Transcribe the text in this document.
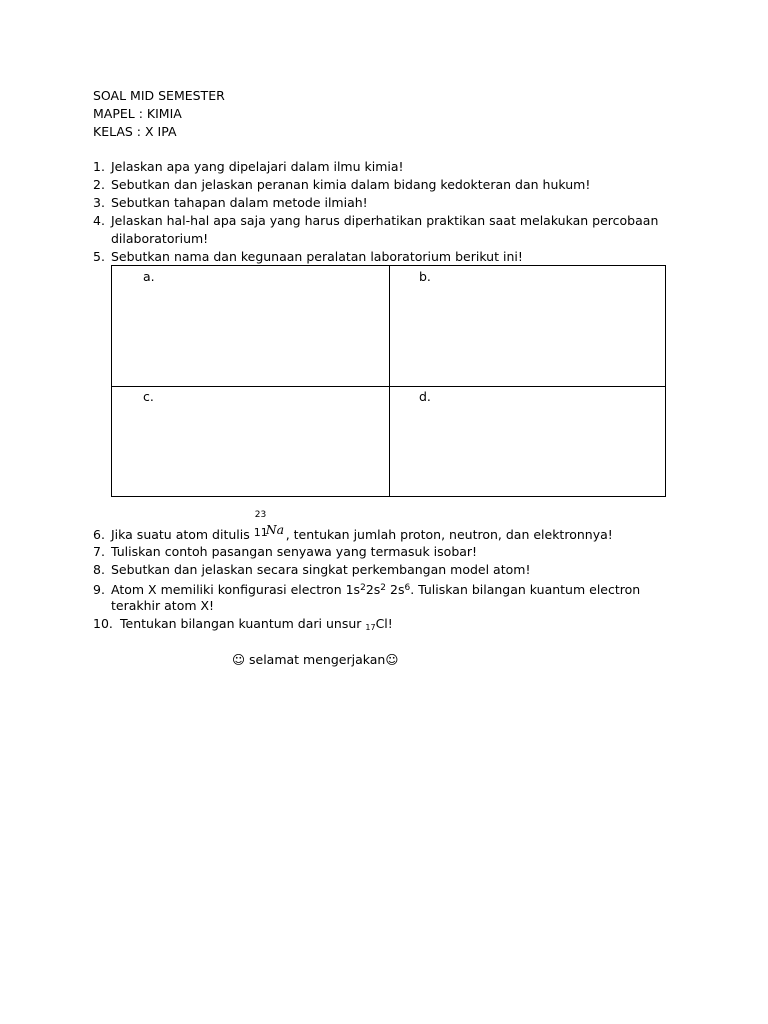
SOAL MID SEMESTER
MAPEL : KIMIA
KELAS : X IPA
1. Jelaskan apa yang dipelajari dalam ilmu kimia!
2. Sebutkan dan jelaskan peranan kimia dalam bidang kedokteran dan hukum!
3. Sebutkan tahapan dalam metode ilmiah!
4. Jelaskan hal-hal apa saja yang harus diperhatikan praktikan saat melakukan percobaan
dilaboratorium!
5. Sebutkan nama dan kegunaan peralatan laboratorium berikut ini!
a.	b.
c.	d.
6. Jika suatu atom ditulis
23
11
Na
, tentukan jumlah proton, neutron, dan elektronnya!
7. Tuliskan contoh pasangan senyawa yang termasuk isobar!
8. Sebutkan dan jelaskan secara singkat perkembangan model atom!
9. Atom X memiliki konfigurasi electron $1s^22s^2$ $2s^6$. Tuliskan bilangan kuantum electron
terakhir atom X!
10. Tentukan bilangan kuantum dari unsur $_{17}$Cl!
☺ selamat mengerjakan☺
